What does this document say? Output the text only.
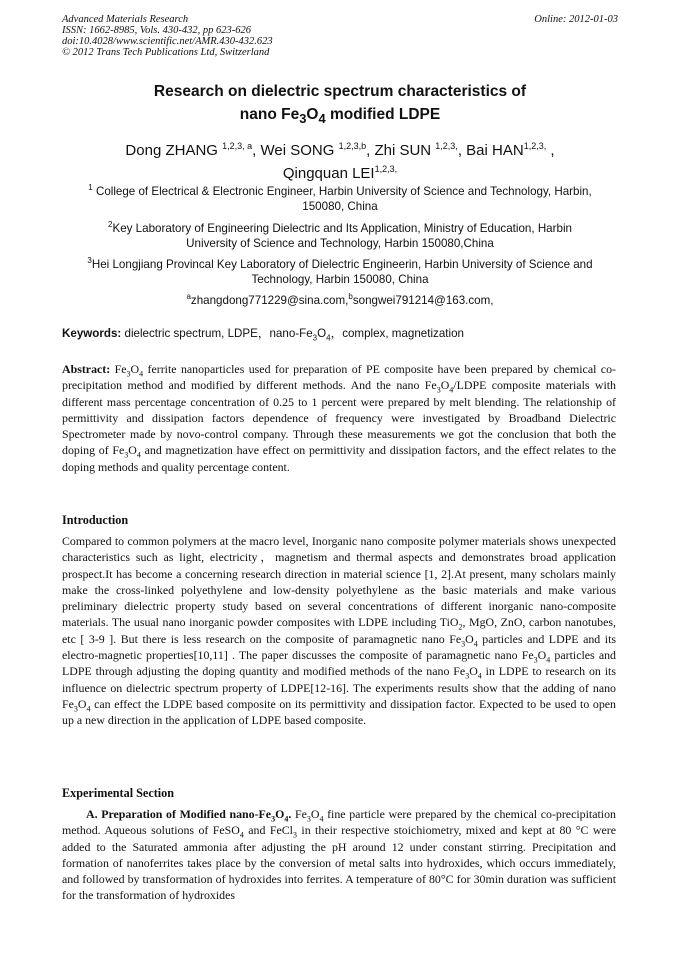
Advanced Materials Research
ISSN: 1662-8985, Vols. 430-432, pp 623-626
doi:10.4028/www.scientific.net/AMR.430-432.623
© 2012 Trans Tech Publications Ltd, Switzerland
Online: 2012-01-03
Research on dielectric spectrum characteristics of
nano $Fe_3O_4$ modified LDPE
Dong ZHANG $^{1,2,3, a}$, Wei SONG $^{1,2,3,b}$, Zhi SUN $^{1,2,3,}$, Bai $HAN^{1,2,3,}$ ,
Qingquan $LEI^{1,2,3,}$
$^1$ College of Electrical & Electronic Engineer, Harbin University of Science and Technology, Harbin,
150080, China
$^2$Key Laboratory of Engineering Dielectric and Its Application, Ministry of Education, Harbin
University of Science and Technology, Harbin 150080,China
$^3$Hei Longjiang Provincal Key Laboratory of Dielectric Engineerin, Harbin University of Science and
Technology, Harbin 150080, China
$^a$zhangdong771229@sina.com,$^b$songwei791214@163.com,
Keywords: dielectric spectrum, LDPE，nano-$Fe_3O_4$，complex, magnetization
Abstract: $Fe_3O_4$ ferrite nanoparticles used for preparation of PE composite have been prepared by chemical co-precipitation method and modified by different methods. And the nano $Fe_3O_4$/LDPE composite materials with different mass percentage concentration of 0.25 to 1 percent were prepared by melt blending. The relationship of permittivity and dissipation factors dependence of frequency were investigated by Broadband Dielectric Spectrometer made by novo-control company. Through these measurements we got the conclusion that both the doping of $Fe_3O_4$ and magnetization have effect on permittivity and dissipation factors, and the effect relates to the doping methods and quality percentage content.
Introduction
Compared to common polymers at the macro level, Inorganic nano composite polymer materials shows unexpected characteristics such as light, electricity，magnetism and thermal aspects and demonstrates broad application prospect.It has become a concerning research direction in material science [1, 2].At present, many scholars mainly make the cross-linked polyethylene and low-density polyethylene as the basic materials and make various preliminary dielectric property study based on several concentrations of different inorganic nano-composite materials. The usual nano inorganic powder composites with LDPE including TiO$_2$, MgO, ZnO, carbon nanotubes, etc [ 3-9 ]. But there is less research on the composite of paramagnetic nano $Fe_3O_4$ particles and LDPE and its electro-magnetic properties[10,11] . The paper discusses the composite of paramagnetic nano $Fe_3O_4$ particles and LDPE through adjusting the doping quantity and modified methods of the nano $Fe_3O_4$ in LDPE to research on its influence on dielectric spectrum property of LDPE[12-16]. The experiments results show that the adding of nano $Fe_3O_4$ can effect the LDPE based composite on its permittivity and dissipation factor. Expected to be used to open up a new direction in the application of LDPE based composite.
Experimental Section
A. Preparation of Modified nano-$Fe_3O_4$. $Fe_3O_4$ fine particle were prepared by the chemical co-precipitation method. Aqueous solutions of FeSO$_4$ and FeCl$_3$ in their respective stoichiometry, mixed and kept at 80 °C were added to the Saturated ammonia after adjusting the pH around 12 under constant stirring. Precipitation and formation of nanoferrites takes place by the conversion of metal salts into hydroxides, which occurs immediately, and followed by transformation of hydroxides into ferrites. A temperature of 80°C for 30min duration was sufficient for the transformation of hydroxides
